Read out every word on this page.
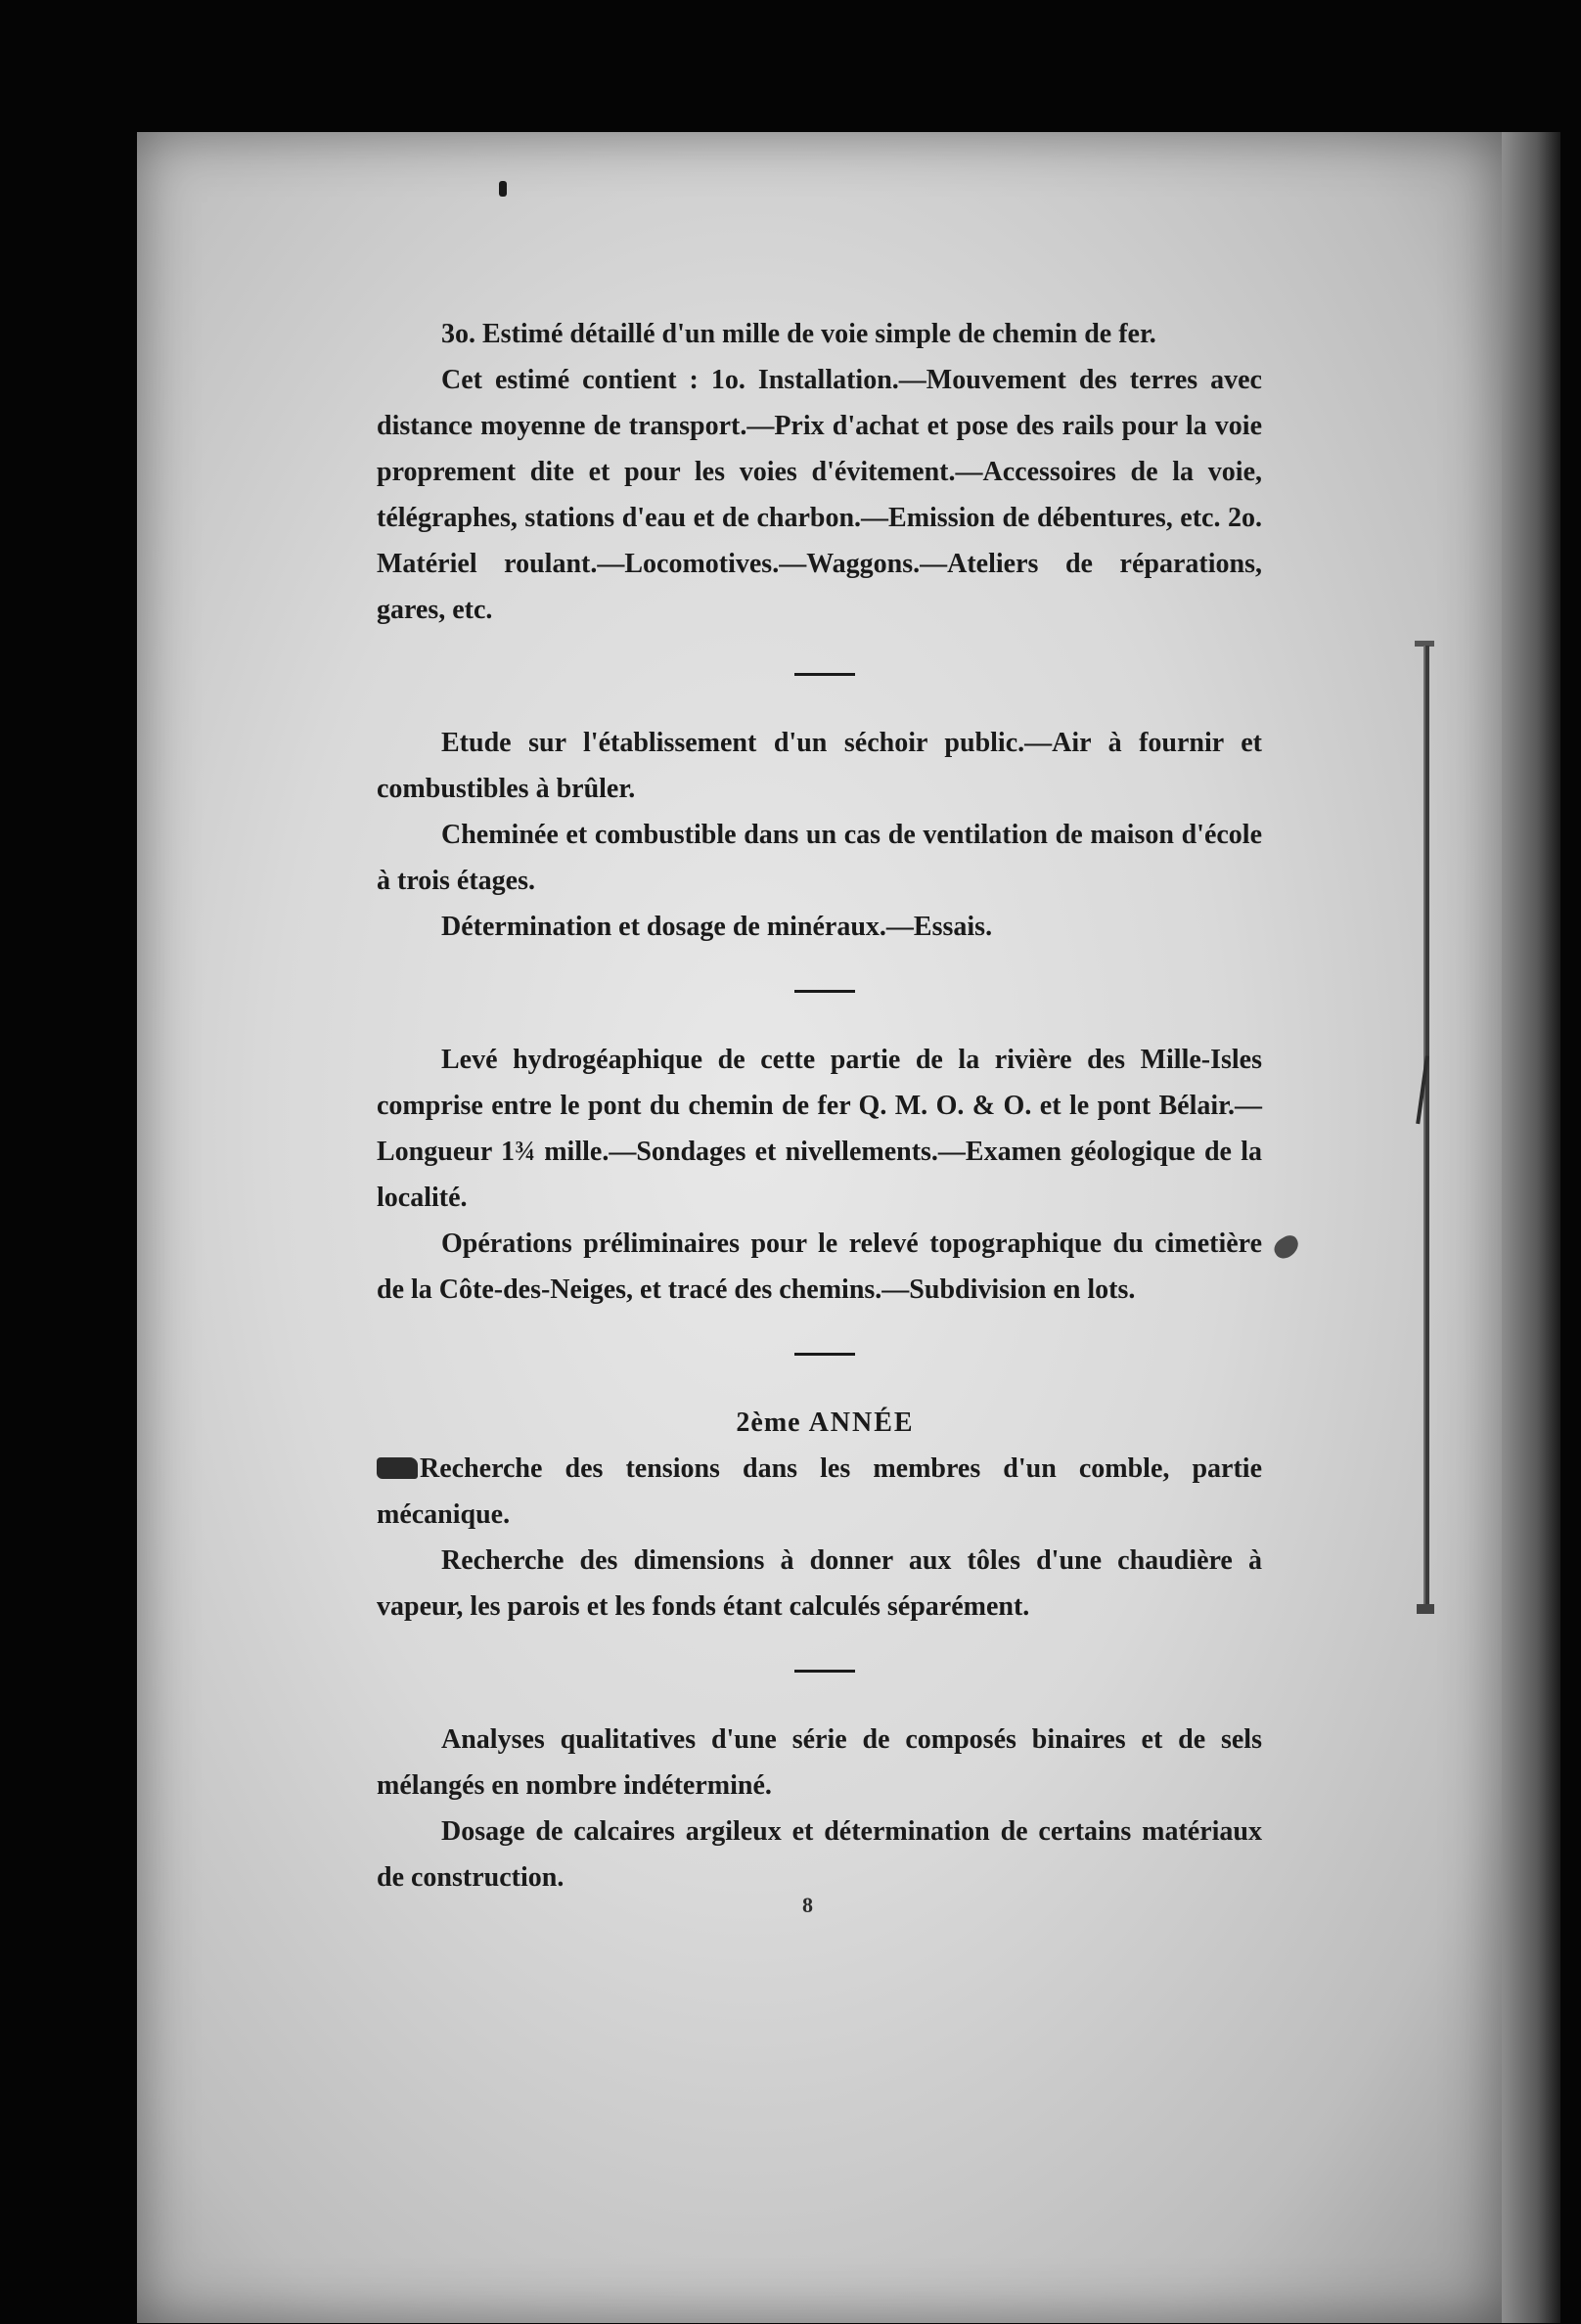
3o. Estimé détaillé d'un mille de voie simple de chemin de fer.

Cet estimé contient : 1o. Installation.—Mouvement des terres avec distance moyenne de transport.—Prix d'achat et pose des rails pour la voie proprement dite et pour les voies d'évitement.—Accessoires de la voie, télégraphes, stations d'eau et de charbon.—Emission de débentures, etc. 2o. Matériel roulant.—Locomotives.—Waggons.—Ateliers de réparations, gares, etc.

Etude sur l'établissement d'un séchoir public.—Air à fournir et combustibles à brûler.

Cheminée et combustible dans un cas de ventilation de maison d'école à trois étages.

Détermination et dosage de minéraux.—Essais.

Levé hydrogéaphique de cette partie de la rivière des Mille-Isles comprise entre le pont du chemin de fer Q. M. O. & O. et le pont Bélair.—Longueur 1¾ mille.—Sondages et nivellements.—Examen géologique de la localité.

Opérations préliminaires pour le relevé topographique du cimetière de la Côte-des-Neiges, et tracé des chemins.—Subdivision en lots.

2ème ANNÉE

Recherche des tensions dans les membres d'un comble, partie mécanique.

Recherche des dimensions à donner aux tôles d'une chaudière à vapeur, les parois et les fonds étant calculés séparément.

Analyses qualitatives d'une série de composés binaires et de sels mélangés en nombre indéterminé.

Dosage de calcaires argileux et détermination de certains matériaux de construction.

8
